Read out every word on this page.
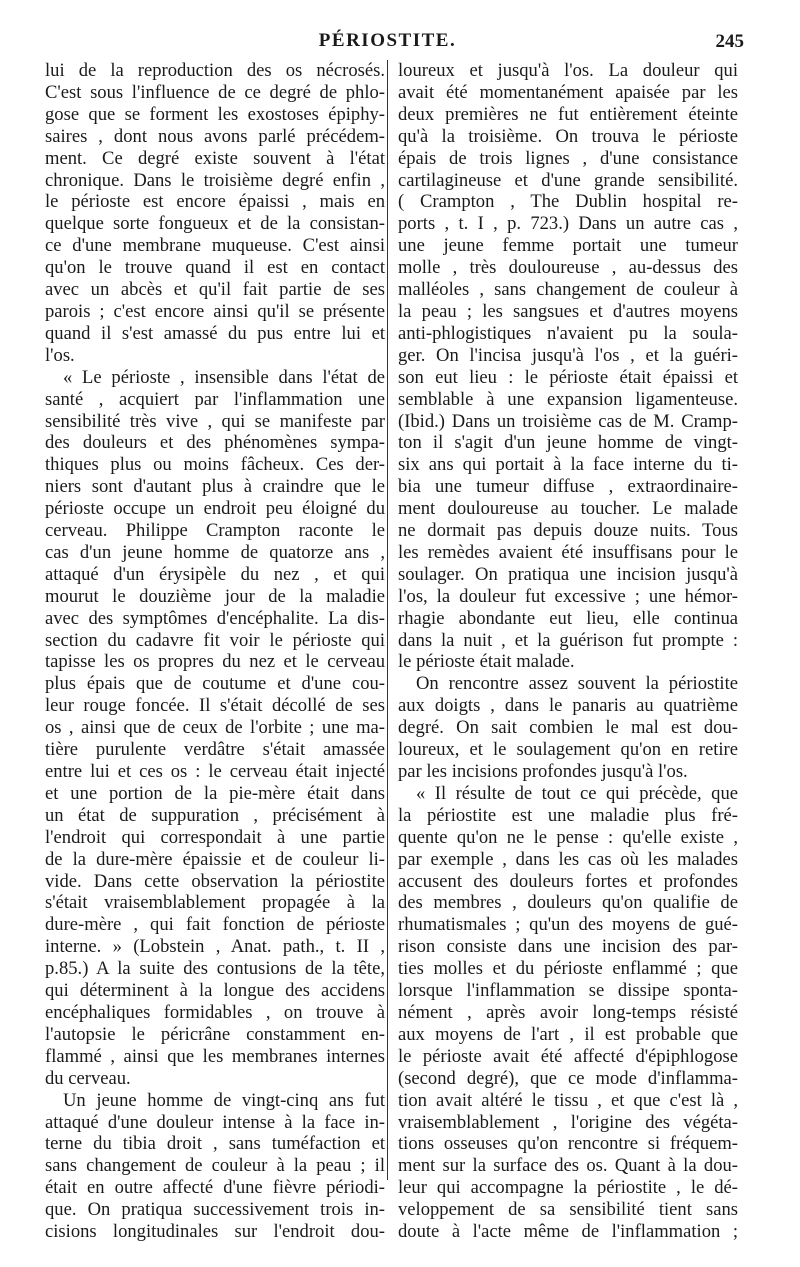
PÉRIOSTITE.	245
lui de la reproduction des os nécrosés.
C'est sous l'influence de ce degré de phlo-
gose que se forment les exostoses épiphy-
saires , dont nous avons parlé précédem-
ment. Ce degré existe souvent à l'état
chronique. Dans le troisième degré enfin ,
le périoste est encore épaissi , mais en
quelque sorte fongueux et de la consistan-
ce d'une membrane muqueuse. C'est ainsi
qu'on le trouve quand il est en contact
avec un abcès et qu'il fait partie de ses
parois ; c'est encore ainsi qu'il se présente
quand il s'est amassé du pus entre lui et
l'os.
« Le périoste , insensible dans l'état de
santé , acquiert par l'inflammation une
sensibilité très vive , qui se manifeste par
des douleurs et des phénomènes sympa-
thiques plus ou moins fâcheux. Ces der-
niers sont d'autant plus à craindre que le
périoste occupe un endroit peu éloigné du
cerveau. Philippe Crampton raconte le
cas d'un jeune homme de quatorze ans ,
attaqué d'un érysipèle du nez , et qui
mourut le douzième jour de la maladie
avec des symptômes d'encéphalite. La dis-
section du cadavre fit voir le périoste qui
tapisse les os propres du nez et le cerveau
plus épais que de coutume et d'une cou-
leur rouge foncée. Il s'était décollé de ses
os , ainsi que de ceux de l'orbite ; une ma-
tière purulente verdâtre s'était amassée
entre lui et ces os : le cerveau était injecté
et une portion de la pie-mère était dans
un état de suppuration , précisément à
l'endroit qui correspondait à une partie
de la dure-mère épaissie et de couleur li-
vide. Dans cette observation la périostite
s'était vraisemblablement propagée à la
dure-mère , qui fait fonction de périoste
interne. » (Lobstein , Anat. path., t. II ,
p.85.) A la suite des contusions de la tête,
qui déterminent à la longue des accidens
encéphaliques formidables , on trouve à
l'autopsie le péricrâne constamment en-
flammé , ainsi que les membranes internes
du cerveau.
Un jeune homme de vingt-cinq ans fut
attaqué d'une douleur intense à la face in-
terne du tibia droit , sans tuméfaction et
sans changement de couleur à la peau ; il
était en outre affecté d'une fièvre périodi-
que. On pratiqua successivement trois in-
cisions longitudinales sur l'endroit dou-
loureux et jusqu'à l'os. La douleur qui
avait été momentanément apaisée par les
deux premières ne fut entièrement éteinte
qu'à la troisième. On trouva le périoste
épais de trois lignes , d'une consistance
cartilagineuse et d'une grande sensibilité.
( Crampton , The Dublin hospital re-
ports , t. I , p. 723.) Dans un autre cas ,
une jeune femme portait une tumeur
molle , très douloureuse , au-dessus des
malléoles , sans changement de couleur à
la peau ; les sangsues et d'autres moyens
anti-phlogistiques n'avaient pu la soula-
ger. On l'incisa jusqu'à l'os , et la guéri-
son eut lieu : le périoste était épaissi et
semblable à une expansion ligamenteuse.
(Ibid.) Dans un troisième cas de M. Cramp-
ton il s'agit d'un jeune homme de vingt-
six ans qui portait à la face interne du ti-
bia une tumeur diffuse , extraordinaire-
ment douloureuse au toucher. Le malade
ne dormait pas depuis douze nuits. Tous
les remèdes avaient été insuffisans pour le
soulager. On pratiqua une incision jusqu'à
l'os, la douleur fut excessive ; une hémor-
rhagie abondante eut lieu, elle continua
dans la nuit , et la guérison fut prompte :
le périoste était malade.
On rencontre assez souvent la périostite
aux doigts , dans le panaris au quatrième
degré. On sait combien le mal est dou-
loureux, et le soulagement qu'on en retire
par les incisions profondes jusqu'à l'os.
« Il résulte de tout ce qui précède, que
la périostite est une maladie plus fré-
quente qu'on ne le pense : qu'elle existe ,
par exemple , dans les cas où les malades
accusent des douleurs fortes et profondes
des membres , douleurs qu'on qualifie de
rhumatismales ; qu'un des moyens de gué-
rison consiste dans une incision des par-
ties molles et du périoste enflammé ; que
lorsque l'inflammation se dissipe sponta-
nément , après avoir long-temps résisté
aux moyens de l'art , il est probable que
le périoste avait été affecté d'épiphlogose
(second degré), que ce mode d'inflamma-
tion avait altéré le tissu , et que c'est là ,
vraisemblablement , l'origine des végéta-
tions osseuses qu'on rencontre si fréquem-
ment sur la surface des os. Quant à la dou-
leur qui accompagne la périostite , le dé-
veloppement de sa sensibilité tient sans
doute à l'acte même de l'inflammation ;
